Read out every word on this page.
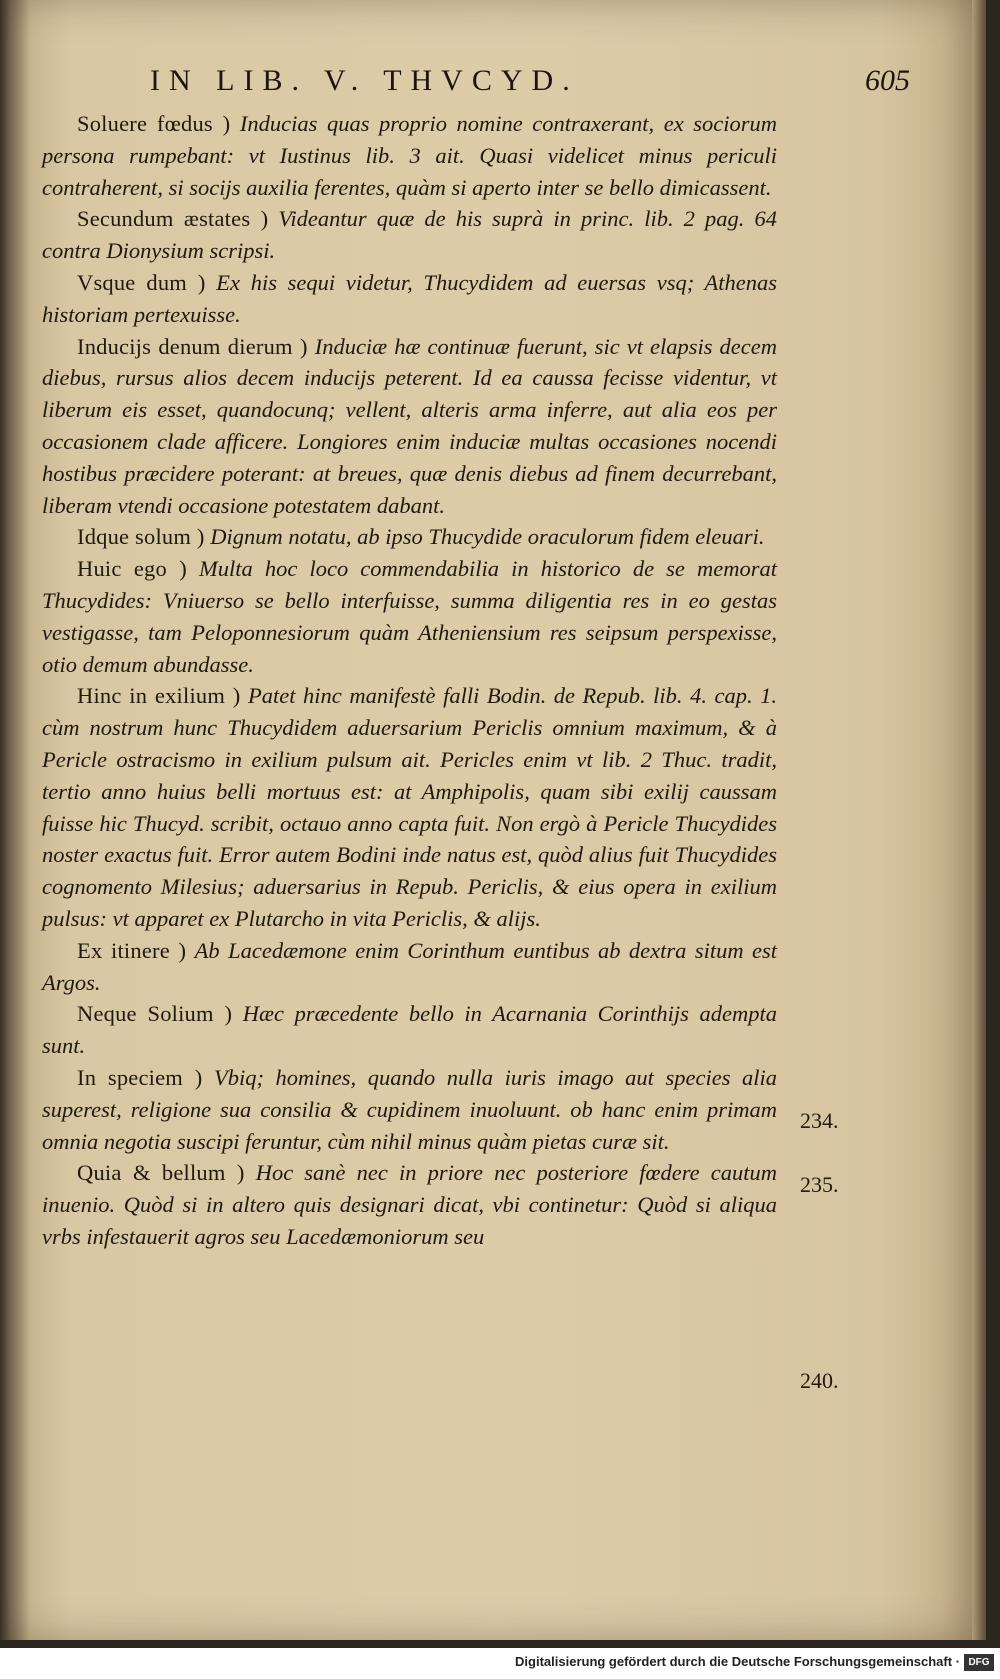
IN LIB. V. THVCYD.	605

Soluere fœdus ) Inducias quas proprio nomine contraxerant, ex sociorum persona rumpebant: vt Iustinus lib. 3 ait. Quasi videlicet minus periculi contraherent, si socijs auxilia ferentes, quàm si aperto inter se bello dimicassent.

Secundum æstates ) Videantur quæ de his suprà in princ. lib. 2 pag. 64 contra Dionysium scripsi.

Vsque dum ) Ex his sequi videtur, Thucydidem ad euersas vsq; Athenas historiam pertexuisse.

Inducijs denum dierum ) Induciæ hæ continuæ fuerunt, sic vt elapsis decem diebus, rursus alios decem inducijs peterent. Id ea caussa fecisse videntur, vt liberum eis esset, quandocunq; vellent, alteris arma inferre, aut alia eos per occasionem clade afficere. Longiores enim induciæ multas occasiones nocendi hostibus præcidere poterant: at breues, quæ denis diebus ad finem decurrebant, liberam vtendi occasione potestatem dabant.

Idque solum ) Dignum notatu, ab ipso Thucydide oraculorum fidem eleuari.

Huic ego ) Multa hoc loco commendabilia in historico de se memorat Thucydides: Vniuerso se bello interfuisse, summa diligentia res in eo gestas vestigasse, tam Peloponnesiorum quàm Atheniensium res seipsum perspexisse, otio demum abundasse.

Hinc in exilium ) Patet hinc manifestè falli Bodin. de Repub. lib. 4. cap. 1. cùm nostrum hunc Thucydidem aduersarium Periclis omnium maximum, & à Pericle ostracismo in exilium pulsum ait. Pericles enim vt lib. 2 Thuc. tradit, tertio anno huius belli mortuus est: at Amphipolis, quam sibi exilij caussam fuisse hic Thucyd. scribit, octauo anno capta fuit. Non ergò à Pericle Thucydides noster exactus fuit. Error autem Bodini inde natus est, quòd alius fuit Thucydides cognomento Milesius; aduersarius in Repub. Periclis, & eius opera in exilium pulsus: vt apparet ex Plutarcho in vita Periclis, & alijs.

Ex itinere ) Ab Lacedæmone enim Corinthum euntibus ab dextra situm est Argos.

Neque Solium ) Hæc præcedente bello in Acarnania Corinthijs adempta sunt.

In speciem ) Vbiq; homines, quando nulla iuris imago aut species alia superest, religione sua consilia & cupidinem inuoluunt. ob hanc enim primam omnia negotia suscipi feruntur, cùm nihil minus quàm pietas curæ sit.

Quia & bellum ) Hoc sanè nec in priore nec posteriore fœdere cautum inuenio. Quòd si in altero quis designari dicat, vbi continetur: Quòd si aliqua vrbs infestauerit agros seu Lacedæmoniorum seu

234.
235.
240.
Digitalisierung gefördert durch die Deutsche Forschungsgemeinschaft · DFG
